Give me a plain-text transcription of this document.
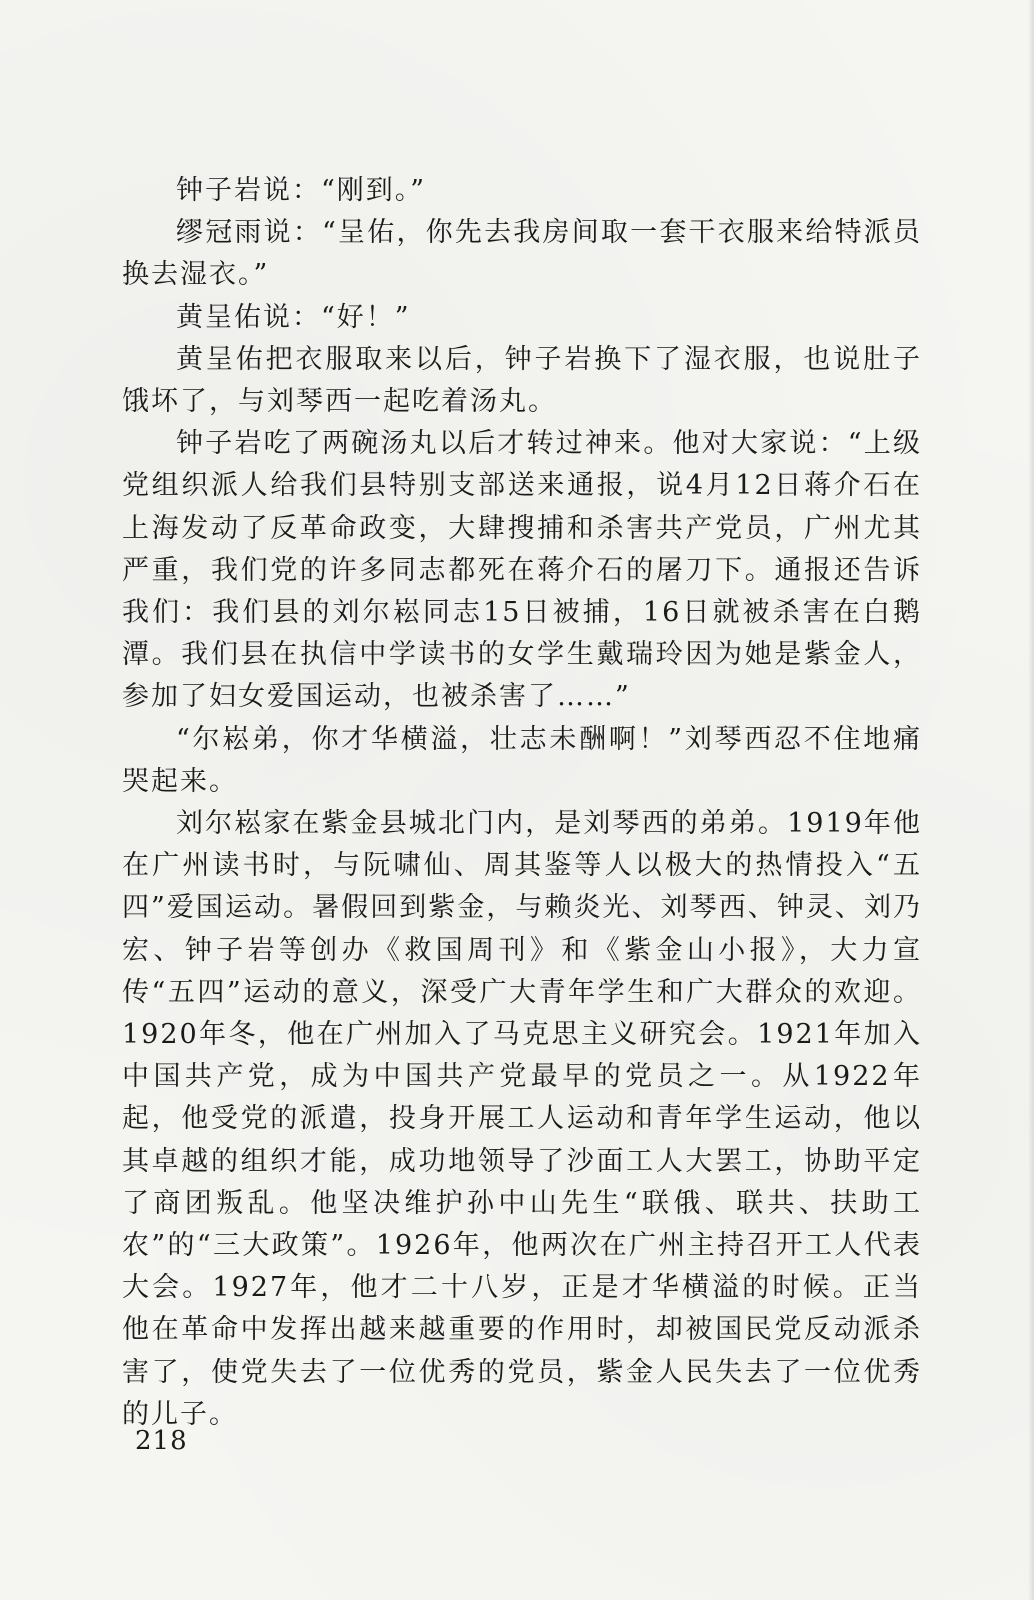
钟子岩说：“刚到。”

缪冠雨说：“呈佑，你先去我房间取一套干衣服来给特派员换去湿衣。”

黄呈佑说：“好！”

黄呈佑把衣服取来以后，钟子岩换下了湿衣服，也说肚子饿坏了，与刘琴西一起吃着汤丸。

钟子岩吃了两碗汤丸以后才转过神来。他对大家说：“上级党组织派人给我们县特别支部送来通报，说4月12日蒋介石在上海发动了反革命政变，大肆搜捕和杀害共产党员，广州尤其严重，我们党的许多同志都死在蒋介石的屠刀下。通报还告诉我们：我们县的刘尔崧同志15日被捕，16日就被杀害在白鹅潭。我们县在执信中学读书的女学生戴瑞玲因为她是紫金人，参加了妇女爱国运动，也被杀害了……”

“尔崧弟，你才华横溢，壮志未酬啊！”刘琴西忍不住地痛哭起来。

刘尔崧家在紫金县城北门内，是刘琴西的弟弟。1919年他在广州读书时，与阮啸仙、周其鉴等人以极大的热情投入“五四”爱国运动。暑假回到紫金，与赖炎光、刘琴西、钟灵、刘乃宏、钟子岩等创办《救国周刊》和《紫金山小报》，大力宣传“五四”运动的意义，深受广大青年学生和广大群众的欢迎。1920年冬，他在广州加入了马克思主义研究会。1921年加入中国共产党，成为中国共产党最早的党员之一。从1922年起，他受党的派遣，投身开展工人运动和青年学生运动，他以其卓越的组织才能，成功地领导了沙面工人大罢工，协助平定了商团叛乱。他坚决维护孙中山先生“联俄、联共、扶助工农”的“三大政策”。1926年，他两次在广州主持召开工人代表大会。1927年，他才二十八岁，正是才华横溢的时候。正当他在革命中发挥出越来越重要的作用时，却被国民党反动派杀害了，使党失去了一位优秀的党员，紫金人民失去了一位优秀的儿子。

218
